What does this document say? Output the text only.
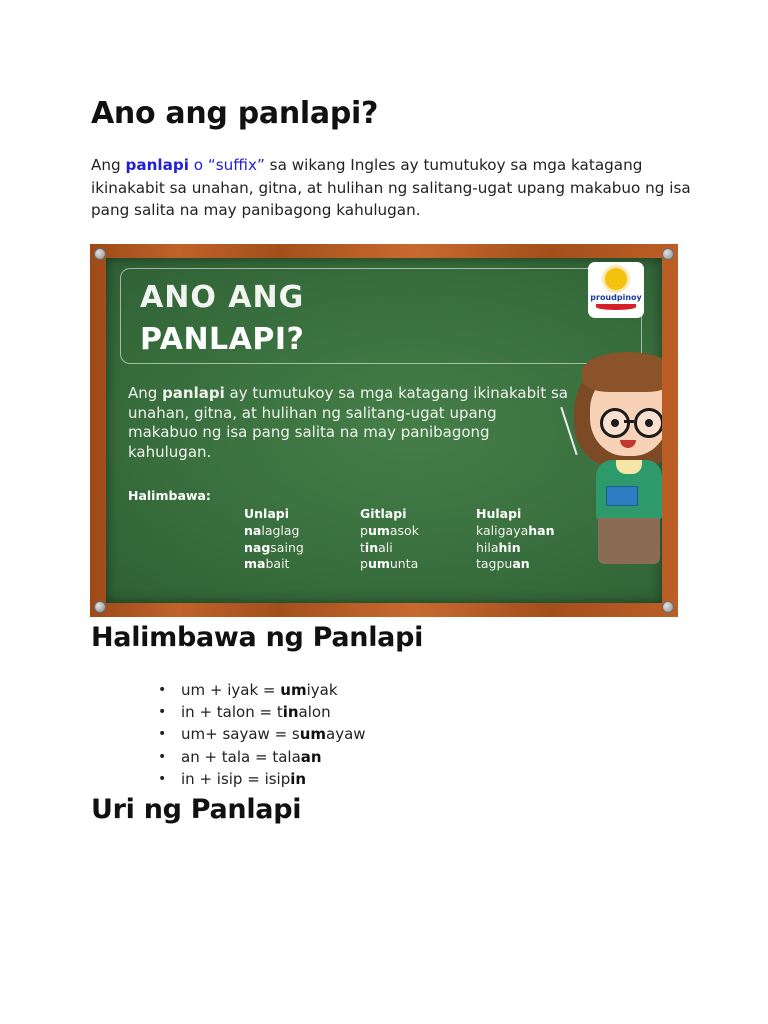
Ano ang panlapi?

Ang panlapi o “suffix” sa wikang Ingles ay tumutukoy sa mga katagang ikinakabit sa unahan, gitna, at hulihan ng salitang-ugat upang makabuo ng isa pang salita na may panibagong kahulugan.

ANO ANG
PANLAPI?
proudpinoy
Ang panlapi ay tumutukoy sa mga katagang ikinakabit sa unahan, gitna, at hulihan ng salitang-ugat upang makabuo ng isa pang salita na may panibagong kahulugan.
Halimbawa:
Unlapi
nalaglag
nagsaing
mabait
Gitlapi
pumasok
tinali
pumunta
Hulapi
kaligayahan
hilahin
tagpuan
Halimbawa ng Panlapi
• um + iyak = umiyak
• in + talon = tinalon
• um+ sayaw = sumayaw
• an + tala = talaan
• in + isip = isipin
Uri ng Panlapi
